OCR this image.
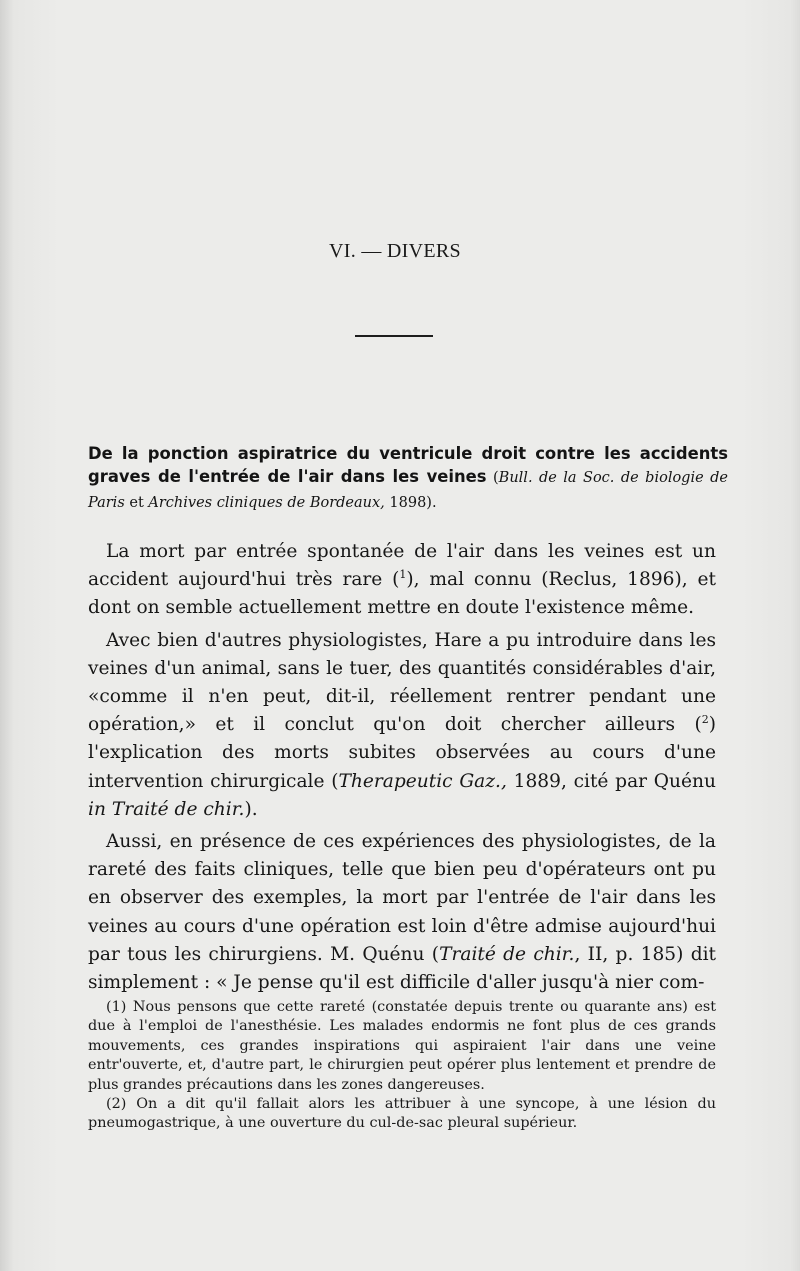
VI. — DIVERS
De la ponction aspiratrice du ventricule droit contre les accidents graves de l'entrée de l'air dans les veines (Bull. de la Soc. de biologie de Paris et Archives cliniques de Bordeaux, 1898).

La mort par entrée spontanée de l'air dans les veines est un accident aujourd'hui très rare ($^1$), mal connu (Reclus, 1896), et dont on semble actuellement mettre en doute l'existence même.

Avec bien d'autres physiologistes, Hare a pu introduire dans les veines d'un animal, sans le tuer, des quantités considérables d'air, «comme il n'en peut, dit-il, réellement rentrer pendant une opération,» et il conclut qu'on doit chercher ailleurs ($^2$) l'explication des morts subites observées au cours d'une intervention chirurgicale (Therapeutic Gaz., 1889, cité par Quénu in Traité de chir.).

Aussi, en présence de ces expériences des physiologistes, de la rareté des faits cliniques, telle que bien peu d'opérateurs ont pu en observer des exemples, la mort par l'entrée de l'air dans les veines au cours d'une opération est loin d'être admise aujourd'hui par tous les chirurgiens. M. Quénu (Traité de chir., II, p. 185) dit simplement : « Je pense qu'il est difficile d'aller jusqu'à nier com-

(1) Nous pensons que cette rareté (constatée depuis trente ou quarante ans) est due à l'emploi de l'anesthésie. Les malades endormis ne font plus de ces grands mouvements, ces grandes inspirations qui aspiraient l'air dans une veine entr'ouverte, et, d'autre part, le chirurgien peut opérer plus lentement et prendre de plus grandes précautions dans les zones dangereuses.

(2) On a dit qu'il fallait alors les attribuer à une syncope, à une lésion du pneumogastrique, à une ouverture du cul-de-sac pleural supérieur.
